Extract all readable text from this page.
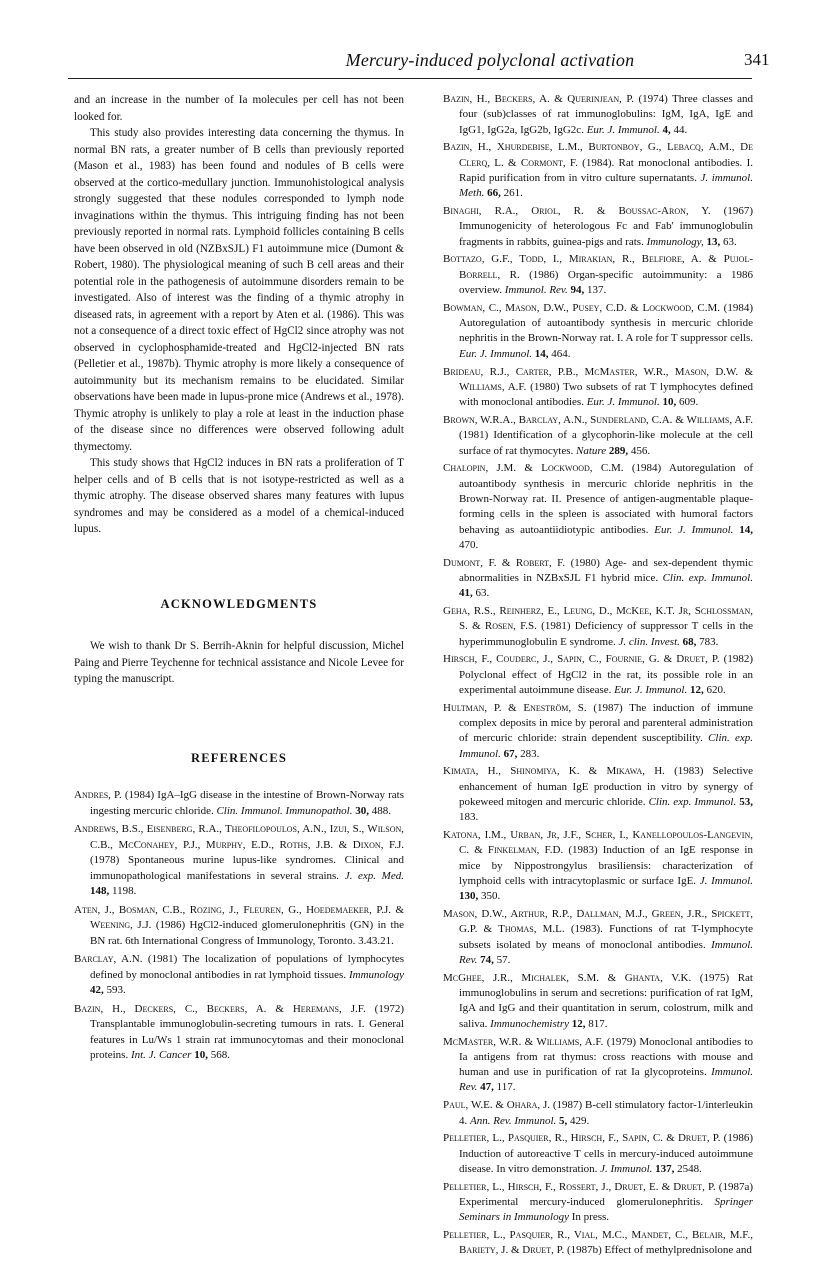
Mercury-induced polyclonal activation	341

and an increase in the number of Ia molecules per cell has not been looked for.

This study also provides interesting data concerning the thymus. In normal BN rats, a greater number of B cells than previously reported (Mason et al., 1983) has been found and nodules of B cells were observed at the cortico-medullary junction. Immunohistological analysis strongly suggested that these nodules corresponded to lymph node invaginations within the thymus. This intriguing finding has not been previously reported in normal rats. Lymphoid follicles containing B cells have been observed in old (NZBxSJL) F1 autoimmune mice (Dumont & Robert, 1980). The physiological meaning of such B cell areas and their potential role in the pathogenesis of autoimmune disorders remain to be investigated. Also of interest was the finding of a thymic atrophy in diseased rats, in agreement with a report by Aten et al. (1986). This was not a consequence of a direct toxic effect of HgCl2 since atrophy was not observed in cyclophosphamide-treated and HgCl2-injected BN rats (Pelletier et al., 1987b). Thymic atrophy is more likely a consequence of autoimmunity but its mechanism remains to be elucidated. Similar observations have been made in lupus-prone mice (Andrews et al., 1978). Thymic atrophy is unlikely to play a role at least in the induction phase of the disease since no differences were observed following adult thymectomy.

This study shows that HgCl2 induces in BN rats a proliferation of T helper cells and of B cells that is not isotype-restricted as well as a thymic atrophy. The disease observed shares many features with lupus syndromes and may be considered as a model of a chemical-induced lupus.

ACKNOWLEDGMENTS

We wish to thank Dr S. Berrih-Aknin for helpful discussion, Michel Paing and Pierre Teychenne for technical assistance and Nicole Levee for typing the manuscript.

REFERENCES

Andres, P. (1984) IgA–IgG disease in the intestine of Brown-Norway rats ingesting mercuric chloride. Clin. Immunol. Immunopathol. 30, 488.

Andrews, B.S., Eisenberg, R.A., Theofilopoulos, A.N., Izui, S., Wilson, C.B., McConahey, P.J., Murphy, E.D., Roths, J.B. & Dixon, F.J. (1978) Spontaneous murine lupus-like syndromes. Clinical and immunopathological manifestations in several strains. J. exp. Med. 148, 1198.

Aten, J., Bosman, C.B., Rozing, J., Fleuren, G., Hoedemaeker, P.J. & Weening, J.J. (1986) HgCl2-induced glomerulonephritis (GN) in the BN rat. 6th International Congress of Immunology, Toronto. 3.43.21.

Barclay, A.N. (1981) The localization of populations of lymphocytes defined by monoclonal antibodies in rat lymphoid tissues. Immunology 42, 593.

Bazin, H., Deckers, C., Beckers, A. & Heremans, J.F. (1972) Transplantable immunoglobulin-secreting tumours in rats. I. General features in Lu/Ws 1 strain rat immunocytomas and their monoclonal proteins. Int. J. Cancer 10, 568.

Bazin, H., Beckers, A. & Querinjean, P. (1974) Three classes and four (sub)classes of rat immunoglobulins: IgM, IgA, IgE and IgG1, IgG2a, IgG2b, IgG2c. Eur. J. Immunol. 4, 44.

Bazin, H., Xhurdebise, L.M., Burtonboy, G., Lebacq, A.M., De Clerq, L. & Cormont, F. (1984). Rat monoclonal antibodies. I. Rapid purification from in vitro culture supernatants. J. immunol. Meth. 66, 261.

Binaghi, R.A., Oriol, R. & Boussac-Aron, Y. (1967) Immunogenicity of heterologous Fc and Fab' immunoglobulin fragments in rabbits, guinea-pigs and rats. Immunology, 13, 63.

Bottazo, G.F., Todd, I., Mirakian, R., Belfiore, A. & Pujol-Borrell, R. (1986) Organ-specific autoimmunity: a 1986 overview. Immunol. Rev. 94, 137.

Bowman, C., Mason, D.W., Pusey, C.D. & Lockwood, C.M. (1984) Autoregulation of autoantibody synthesis in mercuric chloride nephritis in the Brown-Norway rat. I. A role for T suppressor cells. Eur. J. Immunol. 14, 464.

Brideau, R.J., Carter, P.B., McMaster, W.R., Mason, D.W. & Williams, A.F. (1980) Two subsets of rat T lymphocytes defined with monoclonal antibodies. Eur. J. Immunol. 10, 609.

Brown, W.R.A., Barclay, A.N., Sunderland, C.A. & Williams, A.F. (1981) Identification of a glycophorin-like molecule at the cell surface of rat thymocytes. Nature 289, 456.

Chalopin, J.M. & Lockwood, C.M. (1984) Autoregulation of autoantibody synthesis in mercuric chloride nephritis in the Brown-Norway rat. II. Presence of antigen-augmentable plaque-forming cells in the spleen is associated with humoral factors behaving as autoantiidiotypic antibodies. Eur. J. Immunol. 14, 470.

Dumont, F. & Robert, F. (1980) Age- and sex-dependent thymic abnormalities in NZBxSJL F1 hybrid mice. Clin. exp. Immunol. 41, 63.

Geha, R.S., Reinherz, E., Leung, D., McKee, K.T. Jr, Schlossman, S. & Rosen, F.S. (1981) Deficiency of suppressor T cells in the hyperimmunoglobulin E syndrome. J. clin. Invest. 68, 783.

Hirsch, F., Couderc, J., Sapin, C., Fournie, G. & Druet, P. (1982) Polyclonal effect of HgCl2 in the rat, its possible role in an experimental autoimmune disease. Eur. J. Immunol. 12, 620.

Hultman, P. & Eneström, S. (1987) The induction of immune complex deposits in mice by peroral and parenteral administration of mercuric chloride: strain dependent susceptibility. Clin. exp. Immunol. 67, 283.

Kimata, H., Shinomiya, K. & Mikawa, H. (1983) Selective enhancement of human IgE production in vitro by synergy of pokeweed mitogen and mercuric chloride. Clin. exp. Immunol. 53, 183.

Katona, I.M., Urban, Jr, J.F., Scher, I., Kanellopoulos-Langevin, C. & Finkelman, F.D. (1983) Induction of an IgE response in mice by Nippostrongylus brasiliensis: characterization of lymphoid cells with intracytoplasmic or surface IgE. J. Immunol. 130, 350.

Mason, D.W., Arthur, R.P., Dallman, M.J., Green, J.R., Spickett, G.P. & Thomas, M.L. (1983). Functions of rat T-lymphocyte subsets isolated by means of monoclonal antibodies. Immunol. Rev. 74, 57.

McGhee, J.R., Michalek, S.M. & Ghanta, V.K. (1975) Rat immunoglobulins in serum and secretions: purification of rat IgM, IgA and IgG and their quantitation in serum, colostrum, milk and saliva. Immunochemistry 12, 817.

McMaster, W.R. & Williams, A.F. (1979) Monoclonal antibodies to Ia antigens from rat thymus: cross reactions with mouse and human and use in purification of rat Ia glycoproteins. Immunol. Rev. 47, 117.

Paul, W.E. & Ohara, J. (1987) B-cell stimulatory factor-1/interleukin 4. Ann. Rev. Immunol. 5, 429.

Pelletier, L., Pasquier, R., Hirsch, F., Sapin, C. & Druet, P. (1986) Induction of autoreactive T cells in mercury-induced autoimmune disease. In vitro demonstration. J. Immunol. 137, 2548.

Pelletier, L., Hirsch, F., Rossert, J., Druet, E. & Druet, P. (1987a) Experimental mercury-induced glomerulonephritis. Springer Seminars in Immunology In press.

Pelletier, L., Pasquier, R., Vial, M.C., Mandet, C., Belair, M.F., Bariety, J. & Druet, P. (1987b) Effect of methylprednisolone and
